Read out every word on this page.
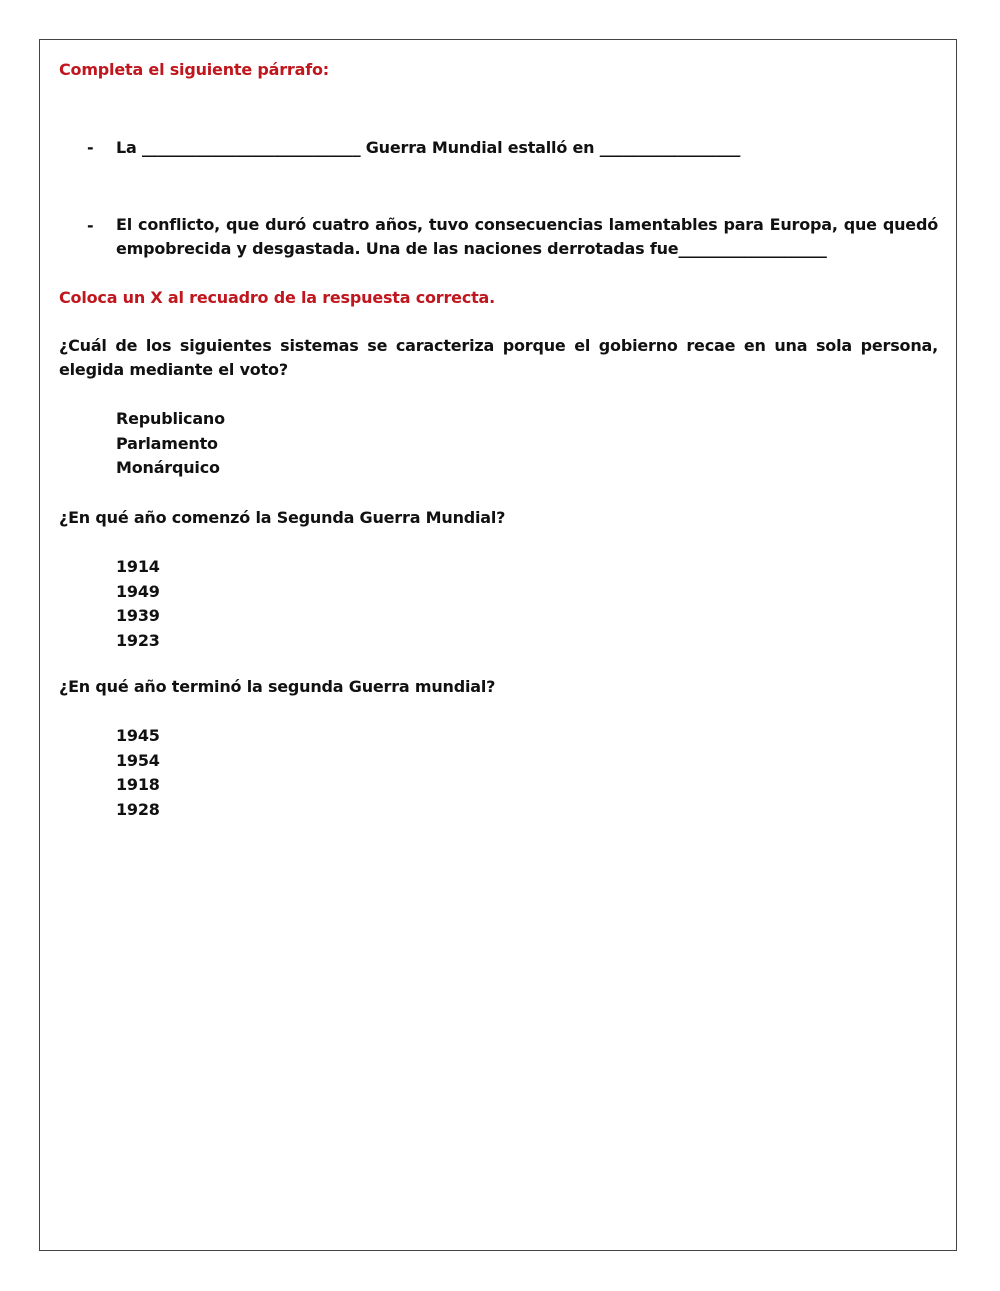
Completa el siguiente párrafo:

- La ____________________________ Guerra Mundial estalló en __________________

- El conflicto, que duró cuatro años, tuvo consecuencias lamentables para Europa, que quedó empobrecida y desgastada. Una de las naciones derrotadas fue___________________

Coloca un X al recuadro de la respuesta correcta.

¿Cuál de los siguientes sistemas se caracteriza porque el gobierno recae en una sola persona, elegida mediante el voto?

Republicano
Parlamento
Monárquico

¿En qué año comenzó la Segunda Guerra Mundial?

1914
1949
1939
1923

¿En qué año terminó la segunda Guerra mundial?

1945
1954
1918
1928
